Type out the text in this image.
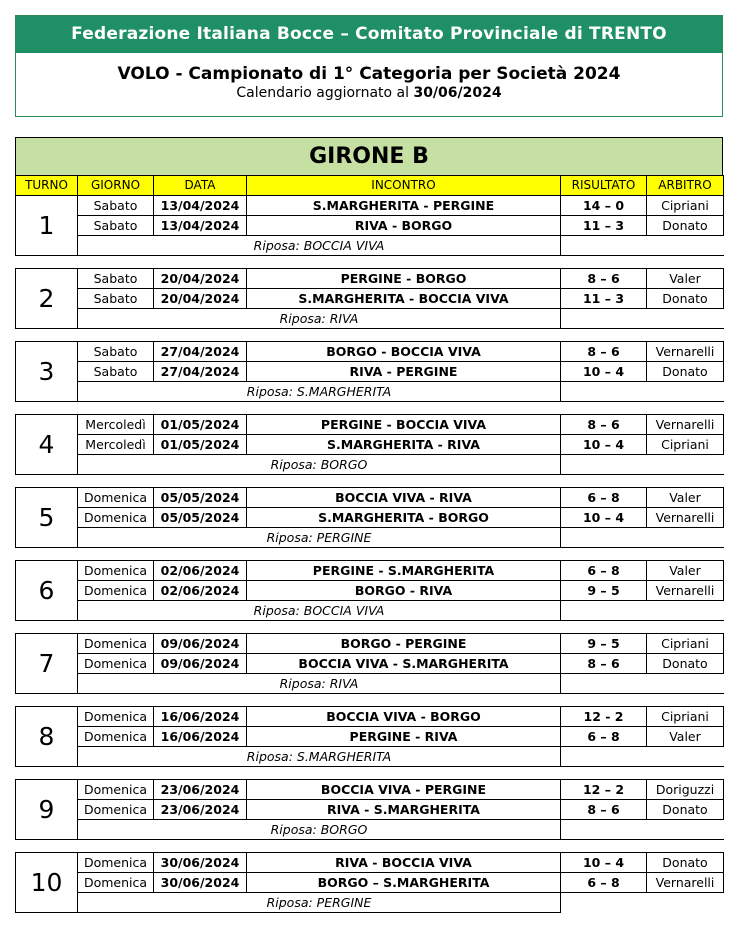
Federazione Italiana Bocce – Comitato Provinciale di TRENTO
VOLO - Campionato di 1° Categoria per Società 2024
Calendario aggiornato al 30/06/2024
GIRONE B
TURNO	GIORNO	DATA	INCONTRO	RISULTATO	ARBITRO
1	Sabato	13/04/2024	S.MARGHERITA - PERGINE	14 – 0	Cipriani
	Sabato	13/04/2024	RIVA - BORGO	11 – 3	Donato
	Riposa: BOCCIA VIVA				

2	Sabato	20/04/2024	PERGINE - BORGO	8 – 6	Valer
	Sabato	20/04/2024	S.MARGHERITA - BOCCIA VIVA	11 – 3	Donato
	Riposa: RIVA				

3	Sabato	27/04/2024	BORGO - BOCCIA VIVA	8 – 6	Vernarelli
	Sabato	27/04/2024	RIVA - PERGINE	10 – 4	Donato
	Riposa: S.MARGHERITA				

4	Mercoledì	01/05/2024	PERGINE - BOCCIA VIVA	8 – 6	Vernarelli
	Mercoledì	01/05/2024	S.MARGHERITA - RIVA	10 – 4	Cipriani
	Riposa: BORGO				

5	Domenica	05/05/2024	BOCCIA VIVA - RIVA	6 – 8	Valer
	Domenica	05/05/2024	S.MARGHERITA - BORGO	10 – 4	Vernarelli
	Riposa: PERGINE				

6	Domenica	02/06/2024	PERGINE - S.MARGHERITA	6 – 8	Valer
	Domenica	02/06/2024	BORGO - RIVA	9 – 5	Vernarelli
	Riposa: BOCCIA VIVA				

7	Domenica	09/06/2024	BORGO - PERGINE	9 – 5	Cipriani
	Domenica	09/06/2024	BOCCIA VIVA - S.MARGHERITA	8 – 6	Donato
	Riposa: RIVA				

8	Domenica	16/06/2024	BOCCIA VIVA - BORGO	12 - 2	Cipriani
	Domenica	16/06/2024	PERGINE - RIVA	6 – 8	Valer
	Riposa: S.MARGHERITA				

9	Domenica	23/06/2024	BOCCIA VIVA - PERGINE	12 – 2	Doriguzzi
	Domenica	23/06/2024	RIVA - S.MARGHERITA	8 – 6	Donato
	Riposa: BORGO				

10	Domenica	30/06/2024	RIVA - BOCCIA VIVA	10 – 4	Donato
	Domenica	30/06/2024	BORGO – S.MARGHERITA	6 – 8	Vernarelli
	Riposa: PERGINE				
